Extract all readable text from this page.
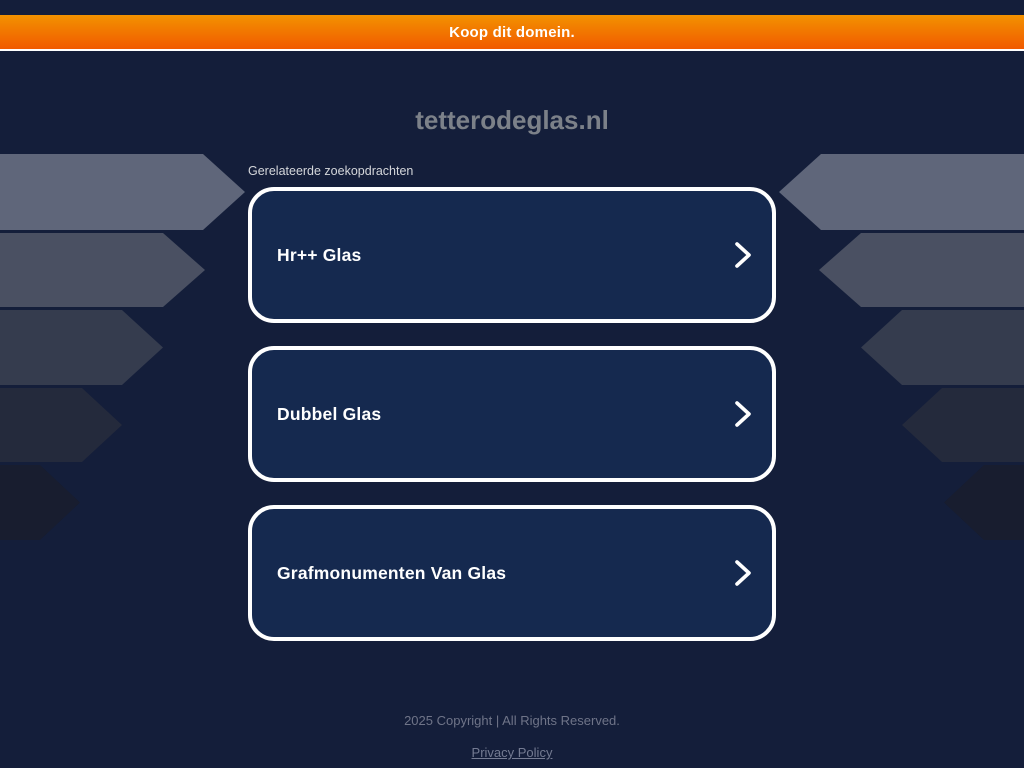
Koop dit domein.
tetterodeglas.nl
Gerelateerde zoekopdrachten
Hr++ Glas
Dubbel Glas
Grafmonumenten Van Glas
2025 Copyright | All Rights Reserved.
Privacy Policy
